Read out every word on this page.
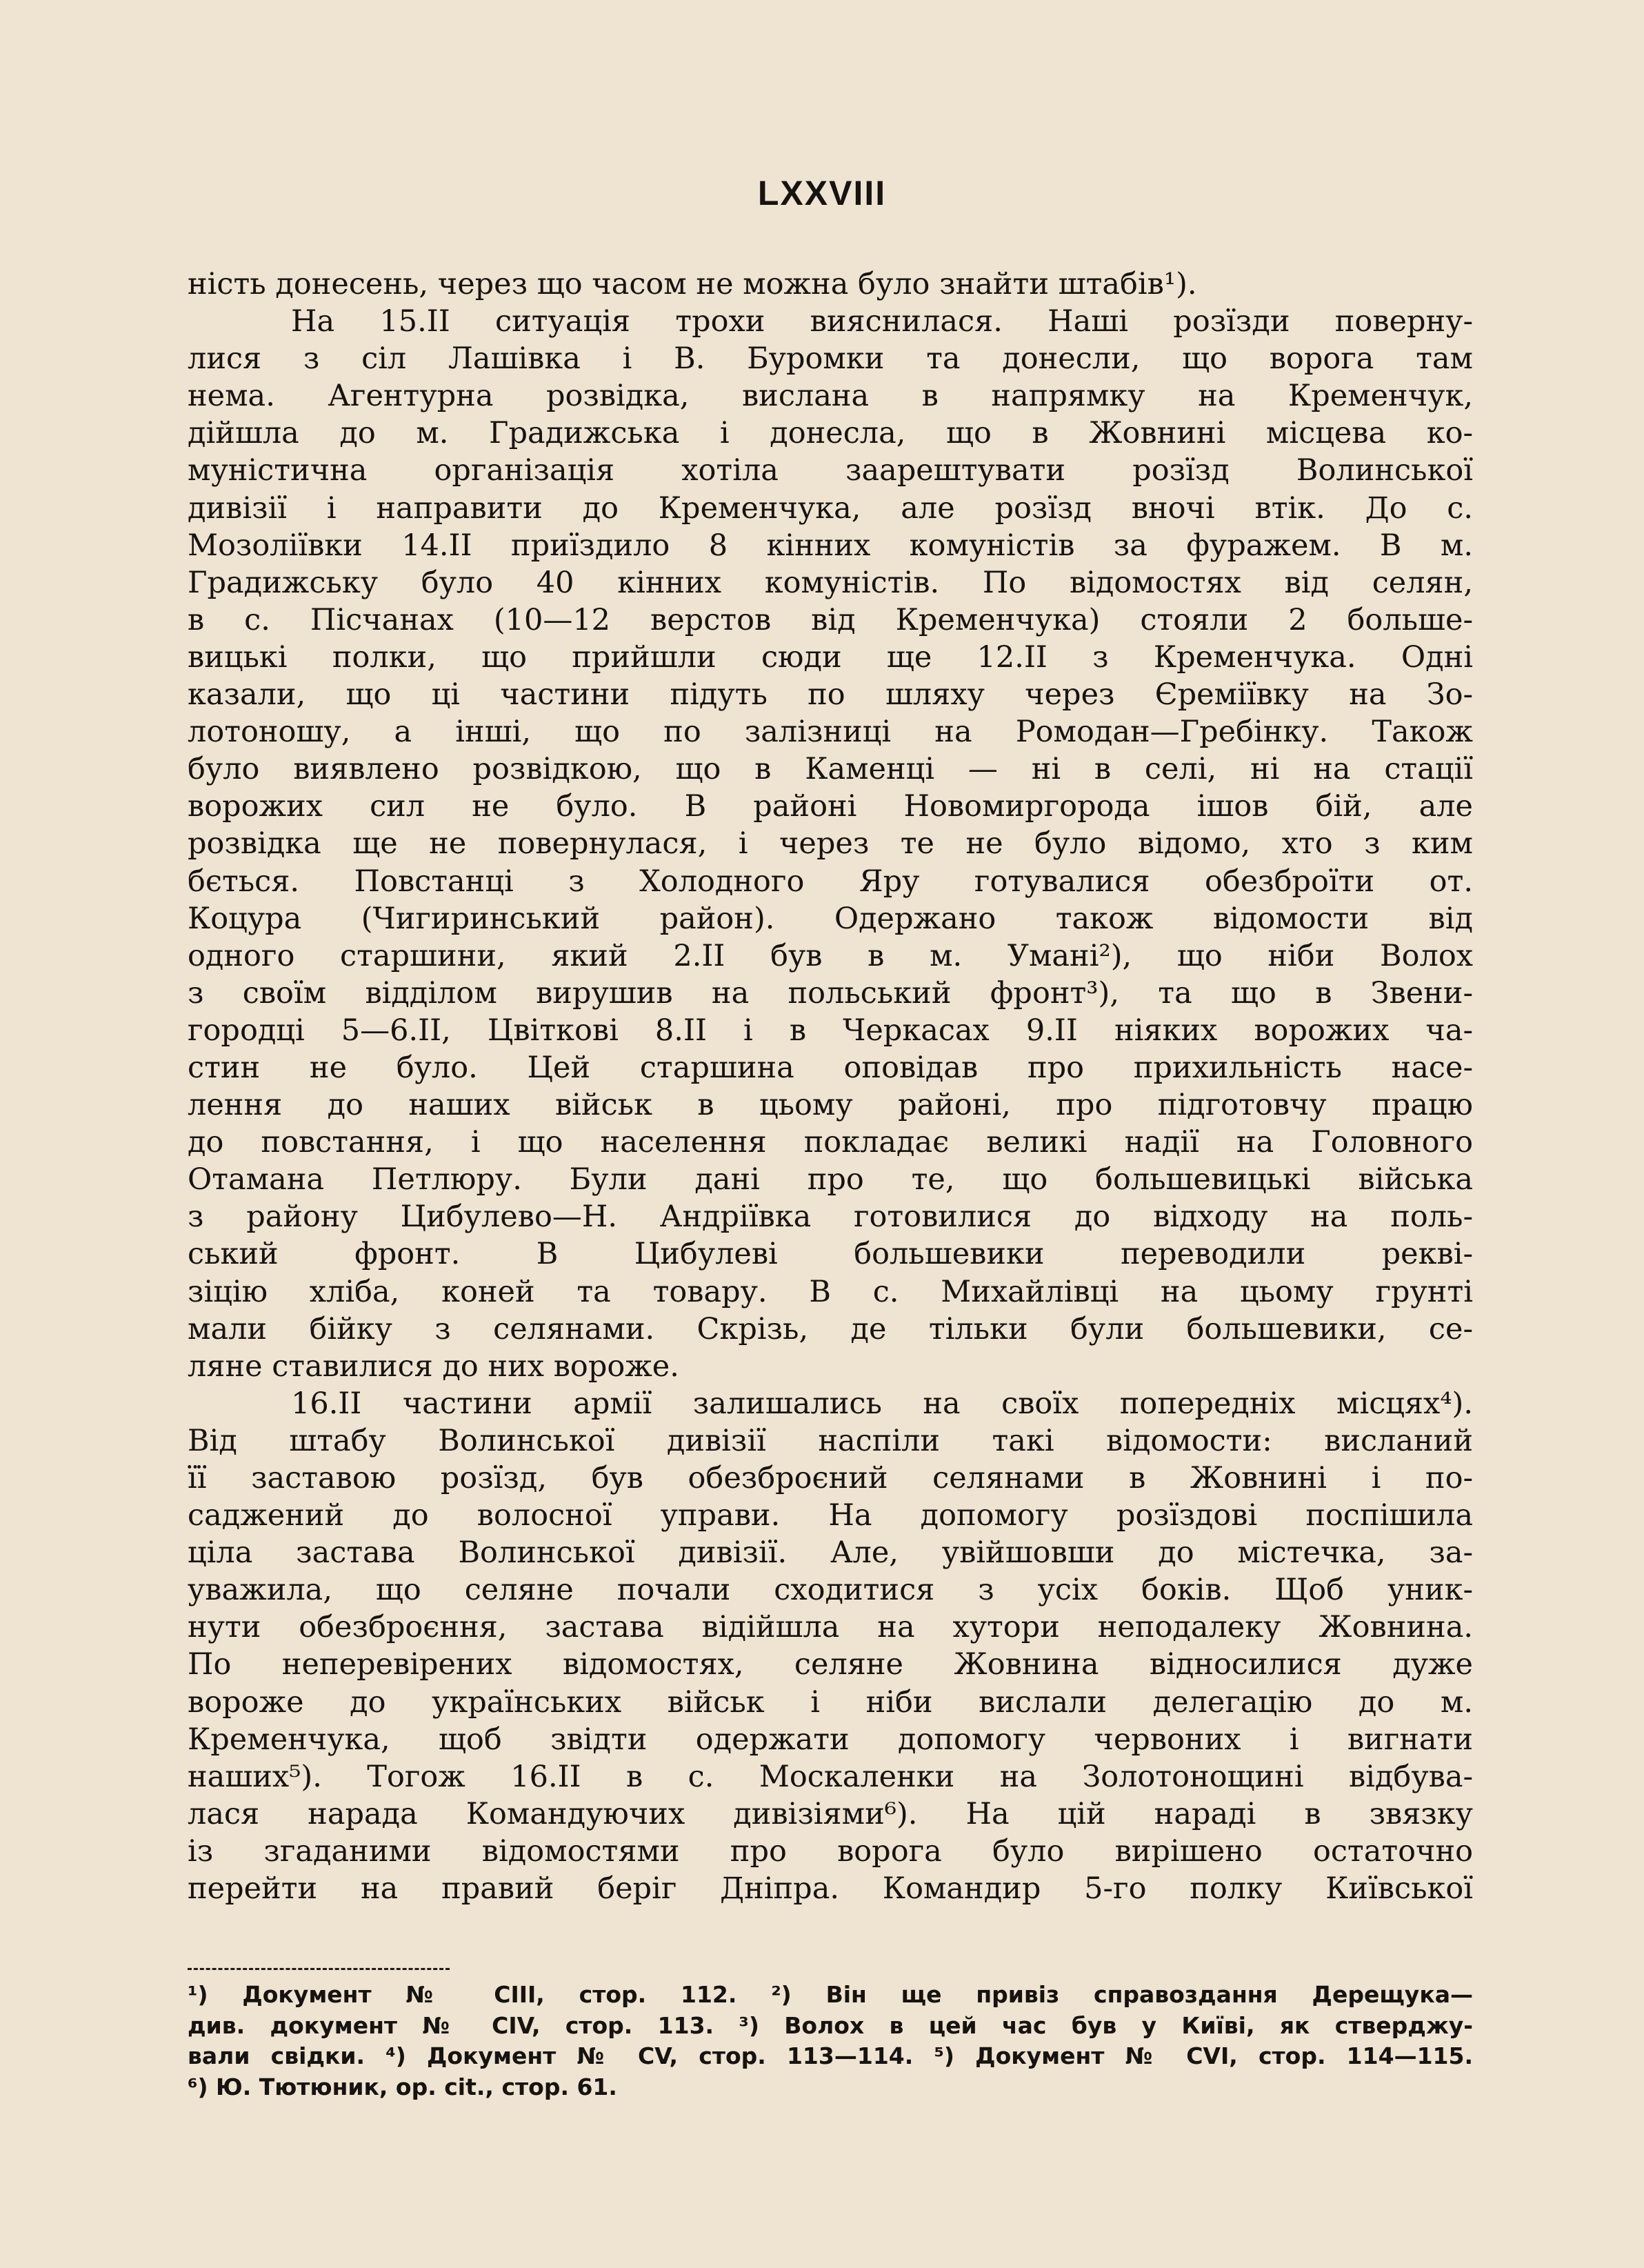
LXXVIII

ність донесень, через що часом не можна було знайти штабів¹).

На 15.ІІ ситуація трохи вияснилася. Наші розїзди поверну-
лися з сіл Лашівка і В. Буромки та донесли, що ворога там
нема. Агентурна розвідка, вислана в напрямку на Кременчук,
дійшла до м. Градижська і донесла, що в Жовнині місцева ко-
муністична організація хотіла заарештувати розїзд Волинської
дивізії і направити до Кременчука, але розїзд вночі втік. До с.
Мозоліївки 14.ІІ приїздило 8 кінних комуністів за фуражем. В м.
Градижську було 40 кінних комуністів. По відомостях від селян,
в с. Пісчанах (10—12 верстов від Кременчука) стояли 2 больше-
вицькі полки, що прийшли сюди ще 12.ІІ з Кременчука. Одні
казали, що ці частини підуть по шляху через Єреміївку на Зо-
лотоношу, а інші, що по залізниці на Ромодан—Гребінку. Також
було виявлено розвідкою, що в Каменці — ні в селі, ні на стації
ворожих сил не було. В районі Новомиргорода ішов бій, але
розвідка ще не повернулася, і через те не було відомо, хто з ким
бється. Повстанці з Холодного Яру готувалися обезброїти от.
Коцура (Чигиринський район). Одержано також відомости від
одного старшини, який 2.ІІ був в м. Умані²), що ніби Волох
з своїм відділом вирушив на польський фронт³), та що в Звени-
городці 5—6.ІІ, Цвіткові 8.ІІ і в Черкасах 9.ІІ ніяких ворожих ча-
стин не було. Цей старшина оповідав про прихильність насе-
лення до наших військ в цьому районі, про підготовчу працю
до повстання, і що населення покладає великі надії на Головного
Отамана Петлюру. Були дані про те, що большевицькі війська
з району Цибулево—Н. Андріївка готовилися до відходу на поль-
ський фронт. В Цибулеві большевики переводили рекві-
зіцію хліба, коней та товару. В с. Михайлівці на цьому грунті
мали бійку з селянами. Скрізь, де тільки були большевики, се-
ляне ставилися до них вороже.

16.ІІ частини армії залишались на своїх попередніх місцях⁴).
Від штабу Волинської дивізії наспіли такі відомости: висланий
її заставою розїзд, був обезброєний селянами в Жовнині і по-
саджений до волосної управи. На допомогу розїздові поспішила
ціла застава Волинської дивізії. Але, увійшовши до містечка, за-
уважила, що селяне почали сходитися з усіх боків. Щоб уник-
нути обезброєння, застава відійшла на хутори неподалеку Жовнина.
По неперевірених відомостях, селяне Жовнина відносилися дуже
вороже до українських військ і ніби вислали делегацію до м.
Кременчука, щоб звідти одержати допомогу червоних і вигнати
наших⁵). Тогож 16.ІІ в с. Москаленки на Золотонощині відбува-
лася нарада Командуючих дивізіями⁶). На цій нараді в звязку
із згаданими відомостями про ворога було вирішено остаточно
перейти на правий беріг Дніпра. Командир 5-го полку Київської

¹) Документ № CIII, стор. 112. ²) Він ще привіз справоздання Дерещука—
див. документ № CIV, стор. 113. ³) Волох в цей час був у Київі, як стверджу-
вали свідки. ⁴) Документ № CV, стор. 113—114. ⁵) Документ № CVI, стор. 114—115.
⁶) Ю. Тютюник, op. cit., стор. 61.
